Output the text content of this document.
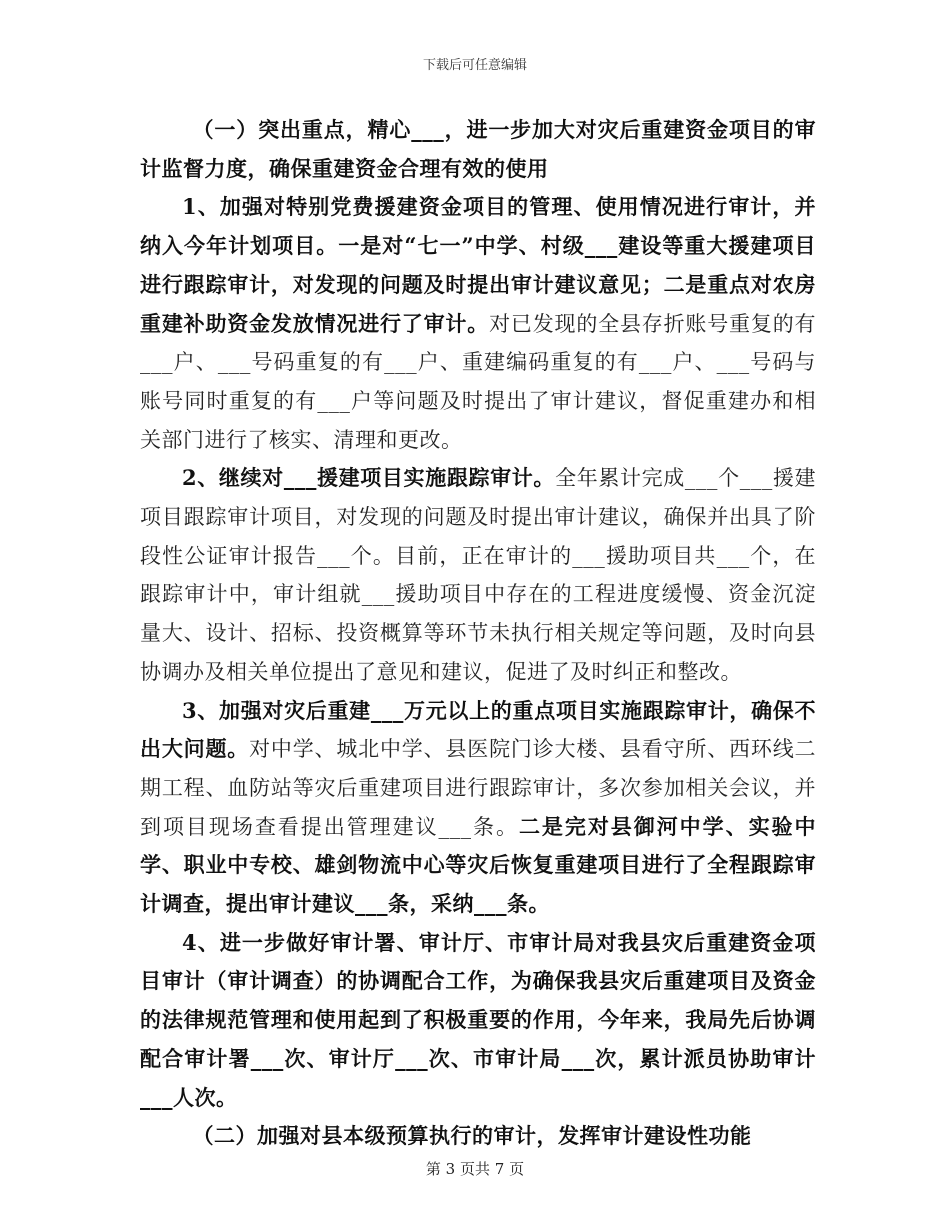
下载后可任意编辑

（一）突出重点，精心___，进一步加大对灾后重建资金项目的审计监督力度，确保重建资金合理有效的使用

1、加强对特别党费援建资金项目的管理、使用情况进行审计，并纳入今年计划项目。一是对“七一”中学、村级___建设等重大援建项目进行跟踪审计，对发现的问题及时提出审计建议意见；二是重点对农房重建补助资金发放情况进行了审计。对已发现的全县存折账号重复的有___户、___号码重复的有___户、重建编码重复的有___户、___号码与账号同时重复的有___户等问题及时提出了审计建议，督促重建办和相关部门进行了核实、清理和更改。

2、继续对___援建项目实施跟踪审计。全年累计完成___个___援建项目跟踪审计项目，对发现的问题及时提出审计建议，确保并出具了阶段性公证审计报告___个。目前，正在审计的___援助项目共___个，在跟踪审计中，审计组就___援助项目中存在的工程进度缓慢、资金沉淀量大、设计、招标、投资概算等环节未执行相关规定等问题，及时向县协调办及相关单位提出了意见和建议，促进了及时纠正和整改。

3、加强对灾后重建___万元以上的重点项目实施跟踪审计，确保不出大问题。对中学、城北中学、县医院门诊大楼、县看守所、西环线二期工程、血防站等灾后重建项目进行跟踪审计，多次参加相关会议，并到项目现场查看提出管理建议___条。二是完对县御河中学、实验中学、职业中专校、雄剑物流中心等灾后恢复重建项目进行了全程跟踪审计调查，提出审计建议___条，采纳___条。

4、进一步做好审计署、审计厅、市审计局对我县灾后重建资金项目审计（审计调查）的协调配合工作，为确保我县灾后重建项目及资金的法律规范管理和使用起到了积极重要的作用，今年来，我局先后协调配合审计署___次、审计厅___次、市审计局___次，累计派员协助审计___人次。

（二）加强对县本级预算执行的审计，发挥审计建设性功能

第 3 页共 7 页
